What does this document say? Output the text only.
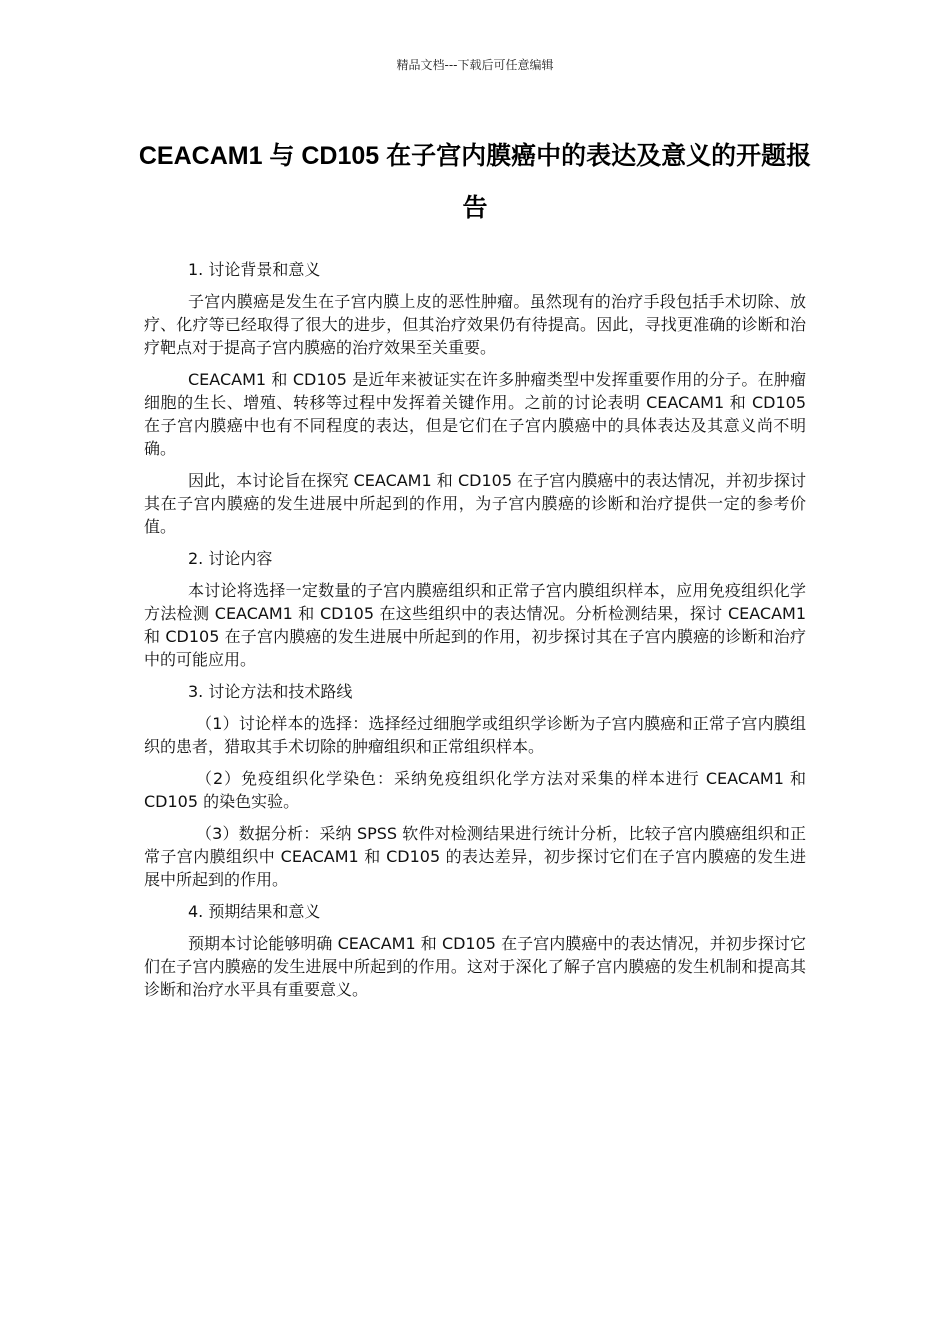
精品文档---下载后可任意编辑
CEACAM1 与 CD105 在子宫内膜癌中的表达及意义的开题报告

1. 讨论背景和意义

子宫内膜癌是发生在子宫内膜上皮的恶性肿瘤。虽然现有的治疗手段包括手术切除、放疗、化疗等已经取得了很大的进步，但其治疗效果仍有待提高。因此，寻找更准确的诊断和治疗靶点对于提高子宫内膜癌的治疗效果至关重要。

CEACAM1 和 CD105 是近年来被证实在许多肿瘤类型中发挥重要作用的分子。在肿瘤细胞的生长、增殖、转移等过程中发挥着关键作用。之前的讨论表明 CEACAM1 和 CD105 在子宫内膜癌中也有不同程度的表达，但是它们在子宫内膜癌中的具体表达及其意义尚不明确。

因此，本讨论旨在探究 CEACAM1 和 CD105 在子宫内膜癌中的表达情况，并初步探讨其在子宫内膜癌的发生进展中所起到的作用，为子宫内膜癌的诊断和治疗提供一定的参考价值。

2. 讨论内容

本讨论将选择一定数量的子宫内膜癌组织和正常子宫内膜组织样本，应用免疫组织化学方法检测 CEACAM1 和 CD105 在这些组织中的表达情况。分析检测结果，探讨 CEACAM1 和 CD105 在子宫内膜癌的发生进展中所起到的作用，初步探讨其在子宫内膜癌的诊断和治疗中的可能应用。

3. 讨论方法和技术路线

（1）讨论样本的选择：选择经过细胞学或组织学诊断为子宫内膜癌和正常子宫内膜组织的患者，猎取其手术切除的肿瘤组织和正常组织样本。

（2）免疫组织化学染色：采纳免疫组织化学方法对采集的样本进行 CEACAM1 和 CD105 的染色实验。

（3）数据分析：采纳 SPSS 软件对检测结果进行统计分析，比较子宫内膜癌组织和正常子宫内膜组织中 CEACAM1 和 CD105 的表达差异，初步探讨它们在子宫内膜癌的发生进展中所起到的作用。

4. 预期结果和意义

预期本讨论能够明确 CEACAM1 和 CD105 在子宫内膜癌中的表达情况，并初步探讨它们在子宫内膜癌的发生进展中所起到的作用。这对于深化了解子宫内膜癌的发生机制和提高其诊断和治疗水平具有重要意义。
